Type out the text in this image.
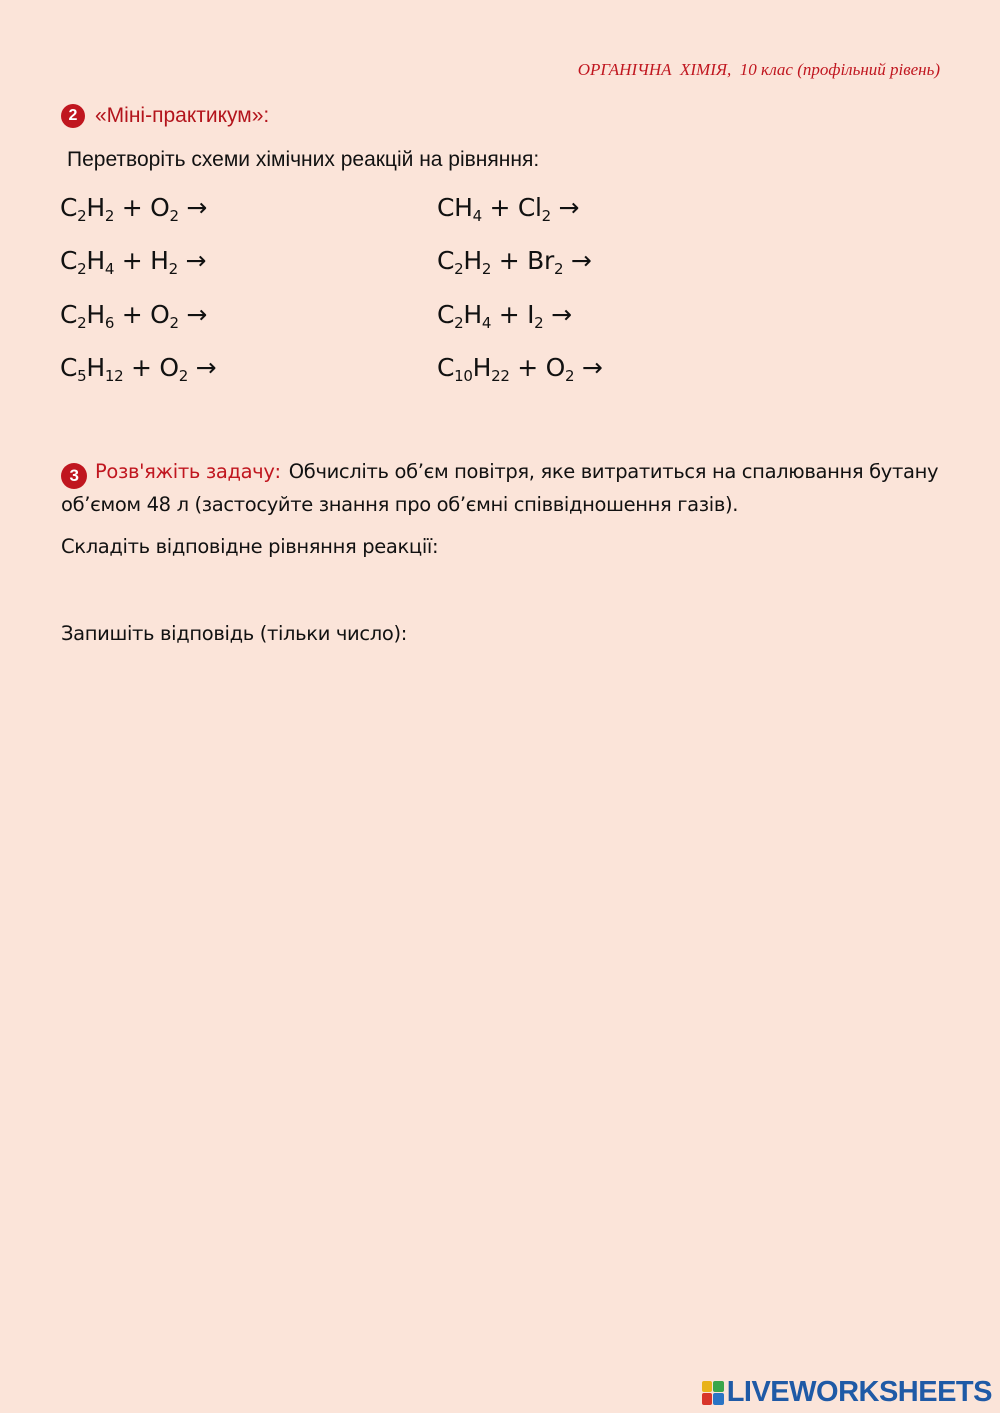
ОРГАНІЧНА  ХІМІЯ,  10 клас (профільний рівень)
2 «Міні-практикум»:
Перетворіть схеми хімічних реакцій на рівняння:
$C_2H_2 + O_2$ →
$C_2H_4 + H_2$ →
$C_2H_6 + O_2$ →
$C_5H_{12} + O_2$ →
$CH_4 + Cl_2$ →
$C_2H_2 + Br_2$ →
$C_2H_4 + I_2$ →
$C_{10}H_{22} + O_2$ →
3 Розв'яжіть задачу: Обчисліть об’єм повітря, яке витратиться на спалювання бутану об’ємом 48 л (застосуйте знання про об’ємні співвідношення газів).
Складіть відповідне рівняння реакції:
Запишіть відповідь (тільки число):
LIVEWORKSHEETS
